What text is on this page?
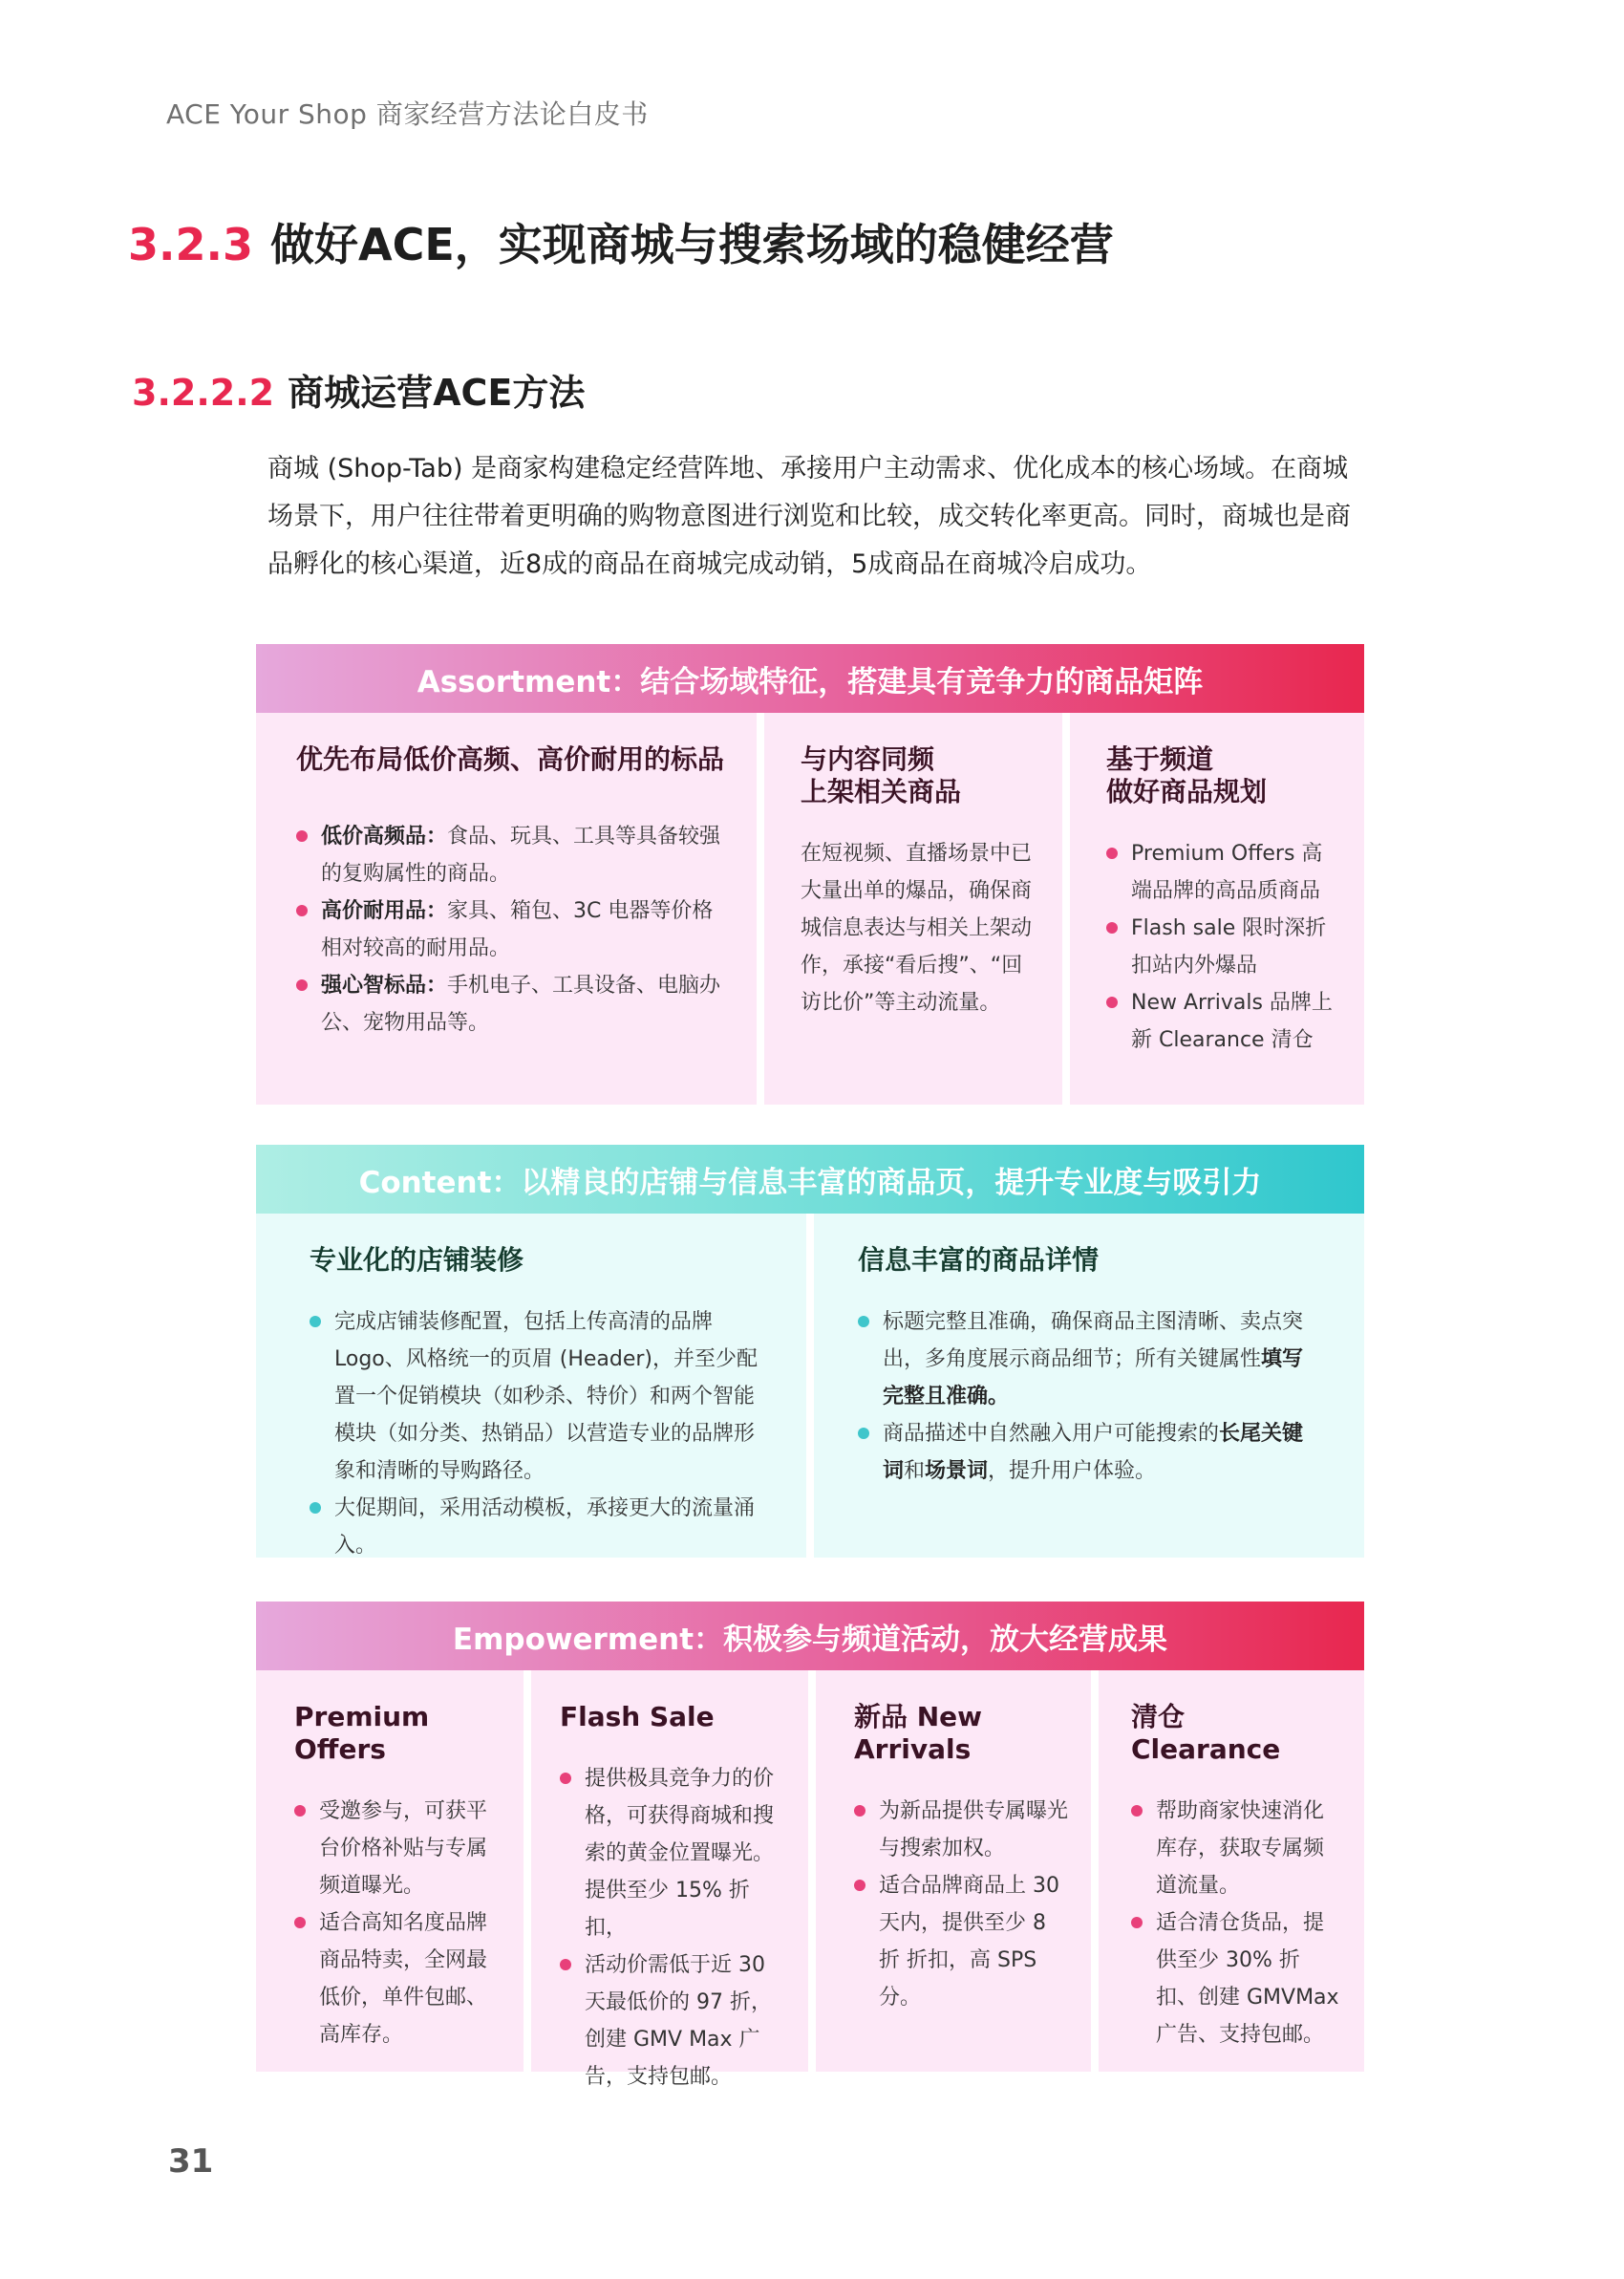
ACE Your Shop 商家经营方法论白皮书
3.2.3 做好ACE，实现商城与搜索场域的稳健经营
3.2.2.2 商城运营ACE方法

商城 (Shop-Tab) 是商家构建稳定经营阵地、承接用户主动需求、优化成本的核心场域。在商城场景下，用户往往带着更明确的购物意图进行浏览和比较，成交转化率更高。同时，商城也是商品孵化的核心渠道，近8成的商品在商城完成动销，5成商品在商城冷启成功。

Assortment：结合场域特征，搭建具有竞争力的商品矩阵
优先布局低价高频、高价耐用的标品
低价高频品：食品、玩具、工具等具备较强的复购属性的商品。
高价耐用品：家具、箱包、3C 电器等价格相对较高的耐用品。
强心智标品：手机电子、工具设备、电脑办公、宠物用品等。
与内容同频
上架相关商品
在短视频、直播场景中已大量出单的爆品，确保商城信息表达与相关上架动作，承接“看后搜”、“回访比价”等主动流量。
基于频道
做好商品规划
Premium Offers 高端品牌的高品质商品
Flash sale 限时深折扣站内外爆品
New Arrivals 品牌上新 Clearance 清仓
Content：以精良的店铺与信息丰富的商品页，提升专业度与吸引力
专业化的店铺装修
完成店铺装修配置，包括上传高清的品牌 Logo、风格统一的页眉 (Header)，并至少配置一个促销模块（如秒杀、特价）和两个智能模块（如分类、热销品）以营造专业的品牌形象和清晰的导购路径。
大促期间，采用活动模板，承接更大的流量涌入。
信息丰富的商品详情
标题完整且准确，确保商品主图清晰、卖点突出，多角度展示商品细节；所有关键属性填写完整且准确。
商品描述中自然融入用户可能搜索的长尾关键词和场景词，提升用户体验。
Empowerment：积极参与频道活动，放大经营成果
Premium Offers
受邀参与，可获平台价格补贴与专属频道曝光。
适合高知名度品牌商品特卖，全网最低价，单件包邮、高库存。
Flash Sale
提供极具竞争力的价格，可获得商城和搜索的黄金位置曝光。提供至少 15% 折扣，
活动价需低于近 30 天最低价的 97 折，创建 GMV Max 广告，支持包邮。
新品 New Arrivals
为新品提供专属曝光与搜索加权。
适合品牌商品上 30 天内，提供至少 8 折 折扣，高 SPS 分。
清仓 Clearance
帮助商家快速消化库存，获取专属频道流量。
适合清仓货品，提供至少 30% 折扣、创建 GMVMax 广告、支持包邮。
31
